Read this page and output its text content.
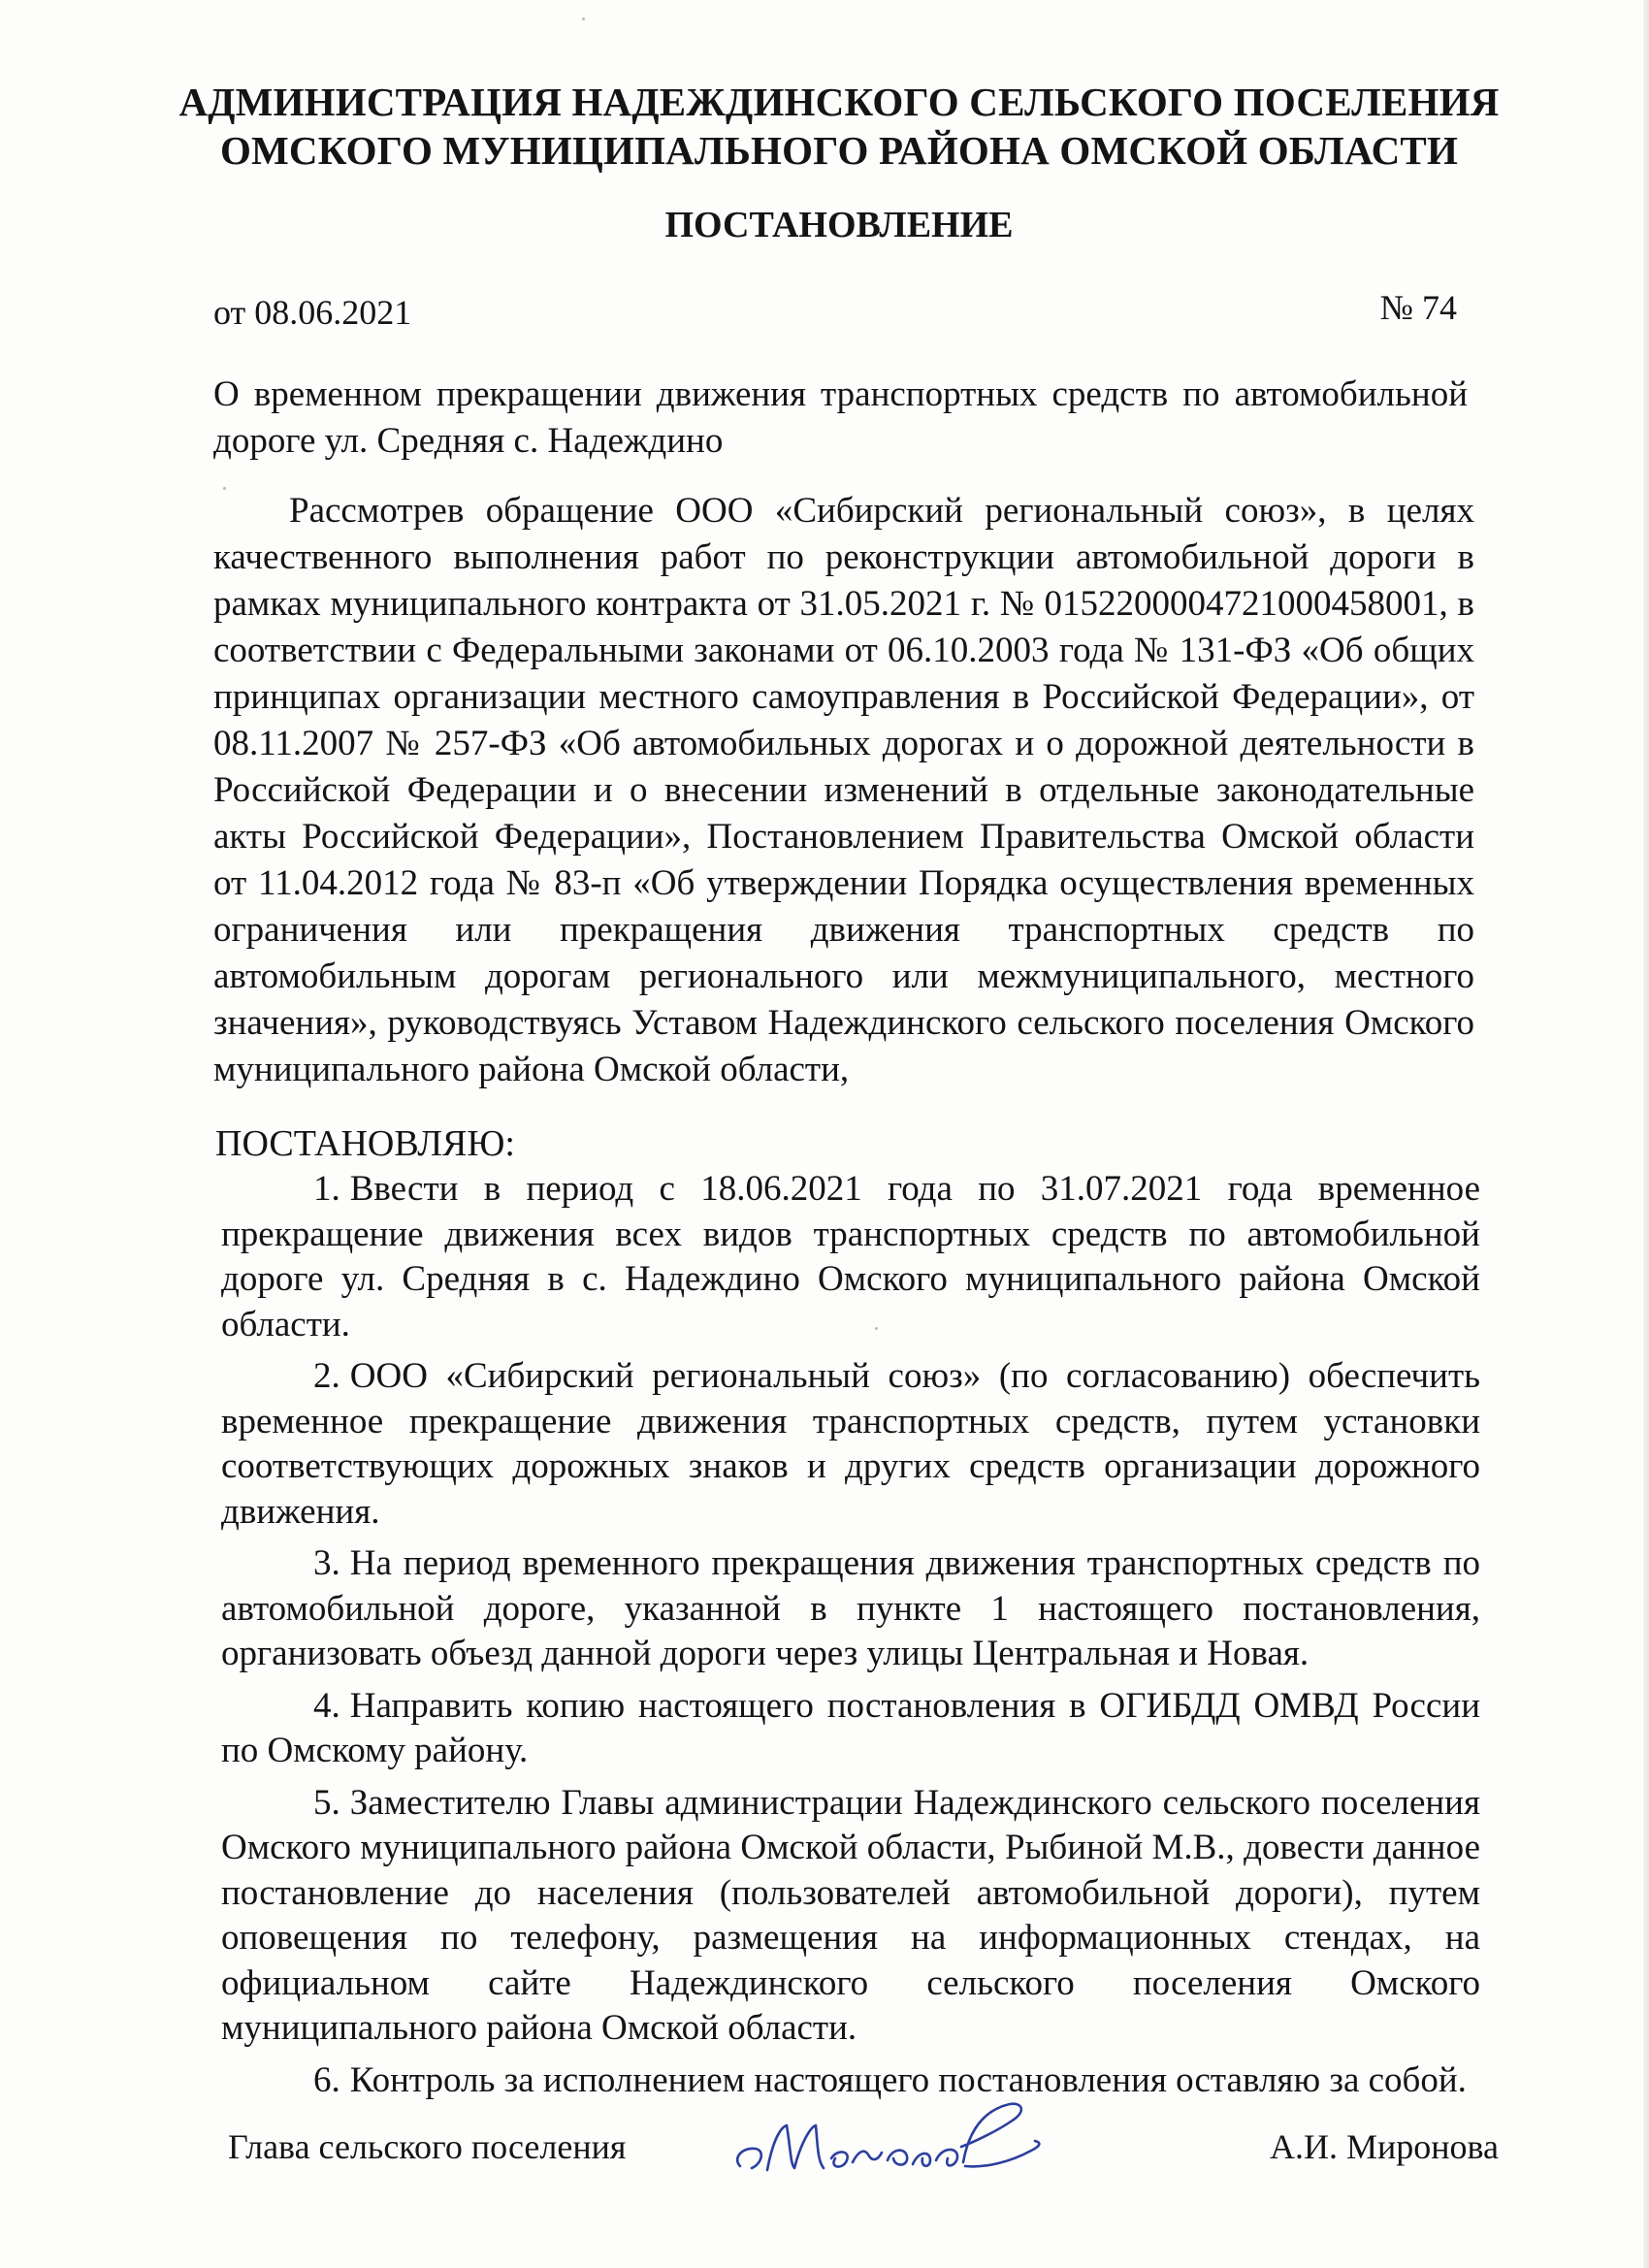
АДМИНИСТРАЦИЯ НАДЕЖДИНСКОГО СЕЛЬСКОГО ПОСЕЛЕНИЯ
ОМСКОГО МУНИЦИПАЛЬНОГО РАЙОНА ОМСКОЙ ОБЛАСТИ
ПОСТАНОВЛЕНИЕ
от 08.06.2021	№ 74
О временном прекращении движения транспортных средств по автомобильной дороге ул. Средняя с. Надеждино
Рассмотрев обращение ООО «Сибирский региональный союз», в целях качественного выполнения работ по реконструкции автомобильной дороги в рамках муниципального контракта от 31.05.2021 г. № 0152200004721000458001, в соответствии с Федеральными законами от 06.10.2003 года № 131-ФЗ «Об общих принципах организации местного самоуправления в Российской Федерации», от 08.11.2007 № 257-ФЗ «Об автомобильных дорогах и о дорожной деятельности в Российской Федерации и о внесении изменений в отдельные законодательные акты Российской Федерации», Постановлением Правительства Омской области от 11.04.2012 года № 83-п «Об утверждении Порядка осуществления временных ограничения или прекращения движения транспортных средств по автомобильным дорогам регионального или межмуниципального, местного значения», руководствуясь Уставом Надеждинского сельского поселения Омского муниципального района Омской области,
ПОСТАНОВЛЯЮ:

1. Ввести в период с 18.06.2021 года по 31.07.2021 года временное прекращение движения всех видов транспортных средств по автомобильной дороге ул. Средняя в с. Надеждино Омского муниципального района Омской области.

2. ООО «Сибирский региональный союз» (по согласованию) обеспечить временное прекращение движения транспортных средств, путем установки соответствующих дорожных знаков и других средств организации дорожного движения.

3. На период временного прекращения движения транспортных средств по автомобильной дороге, указанной в пункте 1 настоящего постановления, организовать объезд данной дороги через улицы Центральная и Новая.

4. Направить копию настоящего постановления в ОГИБДД ОМВД России по Омскому району.

5. Заместителю Главы администрации Надеждинского сельского поселения Омского муниципального района Омской области, Рыбиной М.В., довести данное постановление до населения (пользователей автомобильной дороги), путем оповещения по телефону, размещения на информационных стендах, на официальном сайте Надеждинского сельского поселения Омского муниципального района Омской области.

6. Контроль за исполнением настоящего постановления оставляю за собой.

Глава сельского поселения	А.И. Миронова
